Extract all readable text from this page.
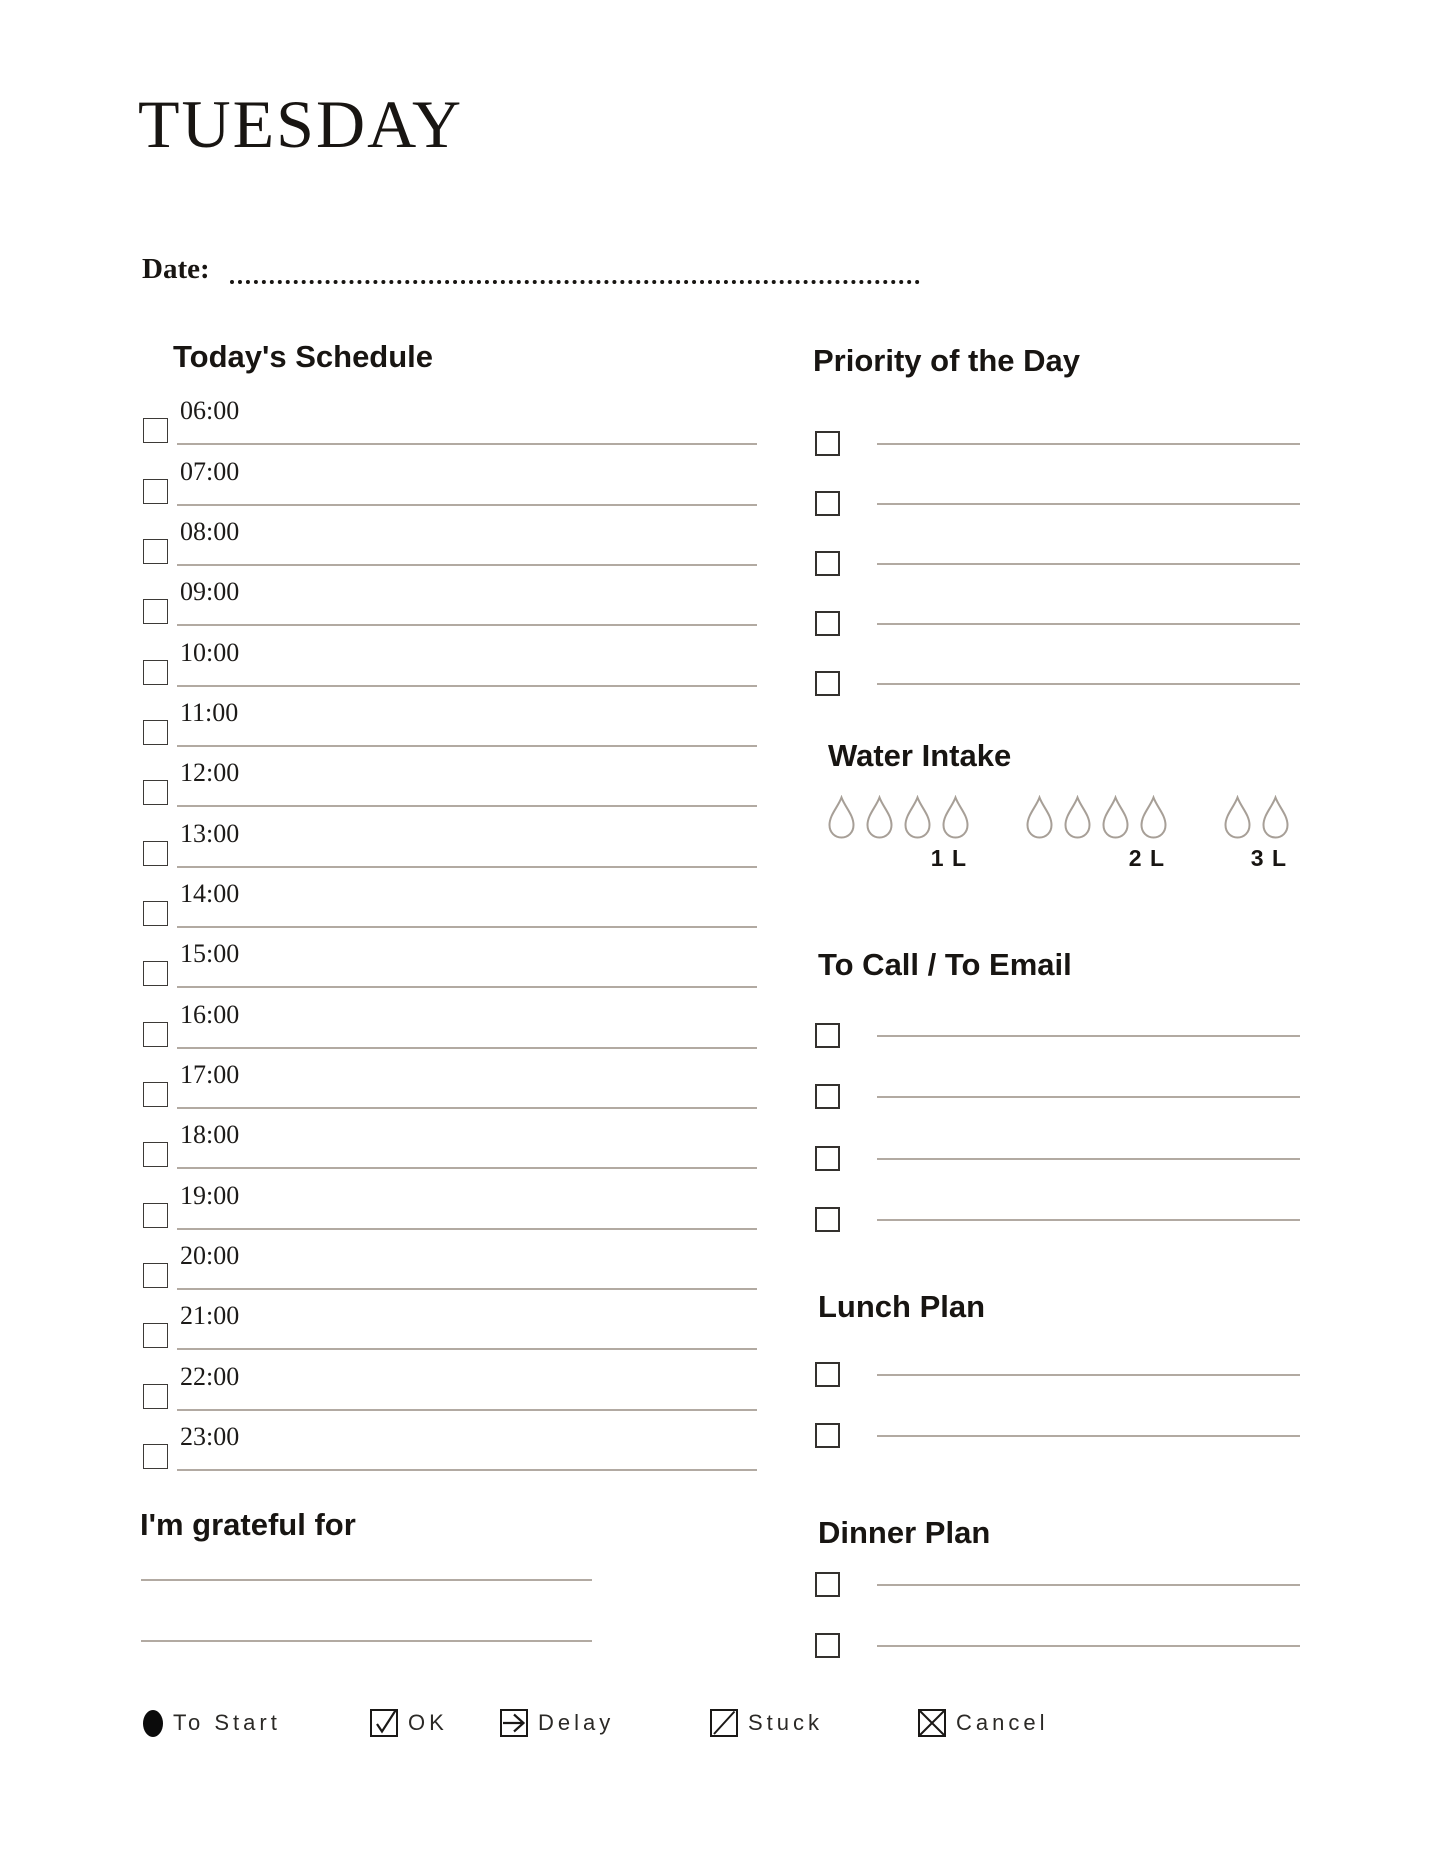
TUESDAY
Date:
Today's Schedule
06:00
07:00
08:00
09:00
10:00
11:00
12:00
13:00
14:00
15:00
16:00
17:00
18:00
19:00
20:00
21:00
22:00
23:00
Priority of the Day
Water Intake
1 L	2 L	3 L
To Call / To Email
Lunch Plan
Dinner Plan
I'm grateful for
To Start	OK	Delay	Stuck	Cancel
